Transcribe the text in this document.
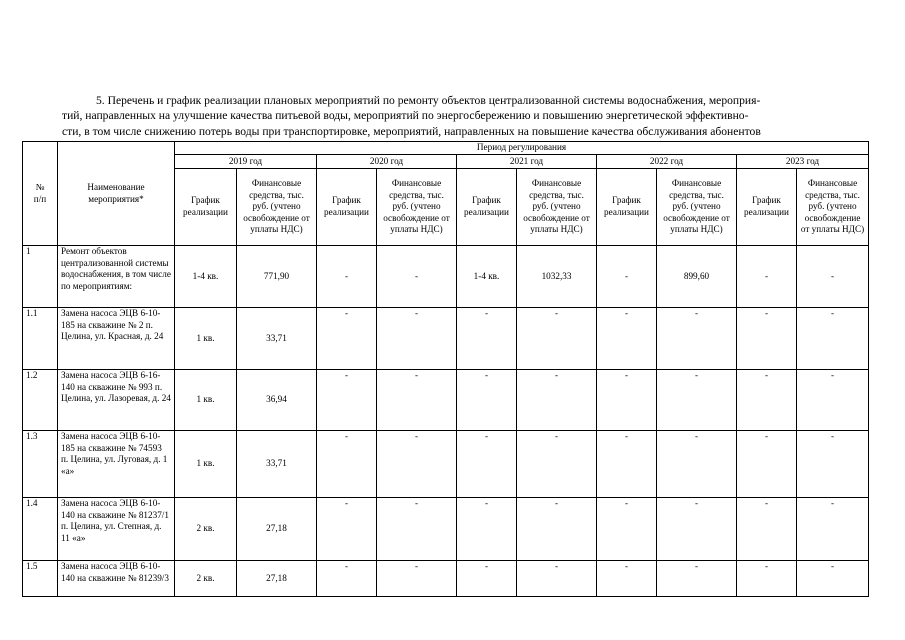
5. Перечень и график реализации плановых мероприятий по ремонту объектов централизованной системы водоснабжения, мероприя-
тий, направленных на улучшение качества питьевой воды, мероприятий по энергосбережению и повышению энергетической эффективно-
сти, в том числе снижению потерь воды при транспортировке, мероприятий, направленных на повышение качества обслуживания абонентов
№
п/п	Наименование мероприятия*	Период регулирования									
		2019 год		2020 год		2021 год		2022 год		2023 год	
		График реализации	Финансовые средства, тыс. руб. (учтено освобождение от уплаты НДС)	График реализации	Финансовые средства, тыс. руб. (учтено освобождение от уплаты НДС)	График реализации	Финансовые средства, тыс. руб. (учтено освобождение от уплаты НДС)	График реализации	Финансовые средства, тыс. руб. (учтено освобождение от уплаты НДС)	График реализации	Финансовые средства, тыс. руб. (учтено освобождение от уплаты НДС)
1	Ремонт объектов централизованной системы водоснабжения, в том числе по мероприятиям:	1-4 кв.	771,90	-	-	1-4 кв.	1032,33	-	899,60	-	-
1.1	Замена насоса ЭЦВ 6-10-185 на скважине № 2 п. Целина, ул. Красная, д. 24	1 кв.	33,71	-	-	-	-	-	-	-	-
1.2	Замена насоса ЭЦВ 6-16-140 на скважине № 993 п. Целина, ул. Лазоревая, д. 24	1 кв.	36,94	-	-	-	-	-	-	-	-
1.3	Замена насоса ЭЦВ 6-10-185 на скважине № 74593 п. Целина, ул. Луговая, д. 1 «а»	1 кв.	33,71	-	-	-	-	-	-	-	-
1.4	Замена насоса ЭЦВ 6-10-140 на скважине № 81237/1 п. Целина, ул. Степная, д. 11 «а»	2 кв.	27,18	-	-	-	-	-	-	-	-
1.5	Замена насоса ЭЦВ 6-10-140 на скважине № 81239/3	2 кв.	27,18	-	-	-	-	-	-	-	-
